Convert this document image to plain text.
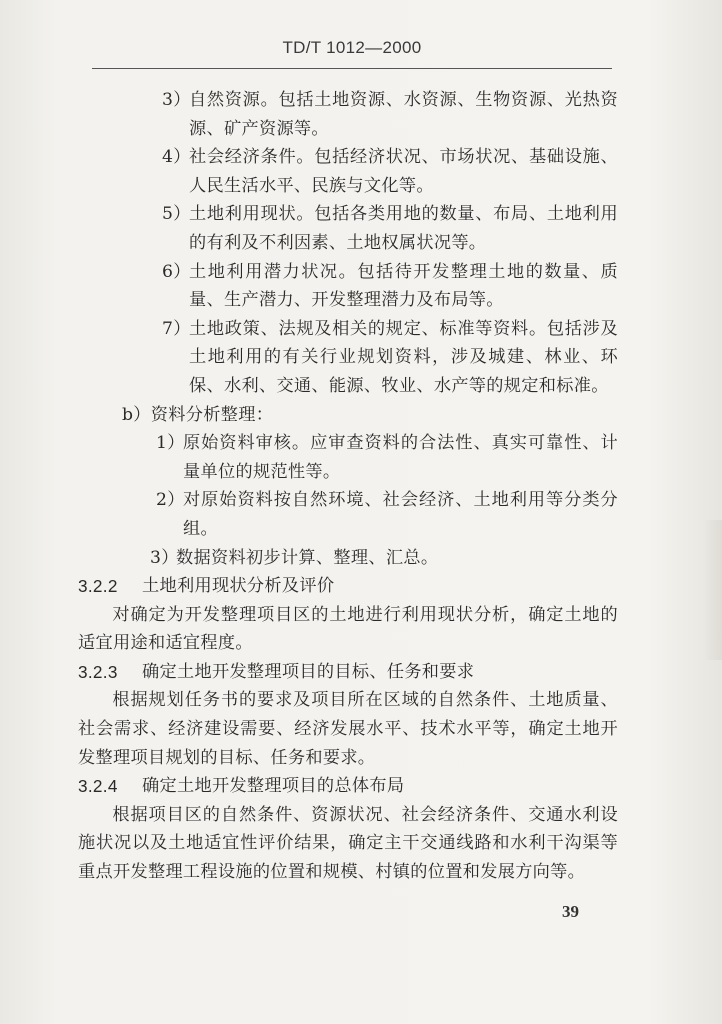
TD/T 1012—2000
3）
自然资源。包括土地资源、水资源、生物资源、光热资源、矿产资源等。
4）
社会经济条件。包括经济状况、市场状况、基础设施、人民生活水平、民族与文化等。
5）
土地利用现状。包括各类用地的数量、布局、土地利用的有利及不利因素、土地权属状况等。
6）
土地利用潜力状况。包括待开发整理土地的数量、质量、生产潜力、开发整理潜力及布局等。
7）
土地政策、法规及相关的规定、标准等资料。包括涉及土地利用的有关行业规划资料，涉及城建、林业、环保、水利、交通、能源、牧业、水产等的规定和标准。
b）资料分析整理：
1）
原始资料审核。应审查资料的合法性、真实可靠性、计量单位的规范性等。
2）
对原始资料按自然环境、社会经济、土地利用等分类分组。
3）
数据资料初步计算、整理、汇总。
3.2.2	土地利用现状分析及评价

对确定为开发整理项目区的土地进行利用现状分析，确定土地的适宜用途和适宜程度。

3.2.3	确定土地开发整理项目的目标、任务和要求

根据规划任务书的要求及项目所在区域的自然条件、土地质量、社会需求、经济建设需要、经济发展水平、技术水平等，确定土地开发整理项目规划的目标、任务和要求。

3.2.4	确定土地开发整理项目的总体布局

根据项目区的自然条件、资源状况、社会经济条件、交通水利设施状况以及土地适宜性评价结果，确定主干交通线路和水利干沟渠等重点开发整理工程设施的位置和规模、村镇的位置和发展方向等。

39
